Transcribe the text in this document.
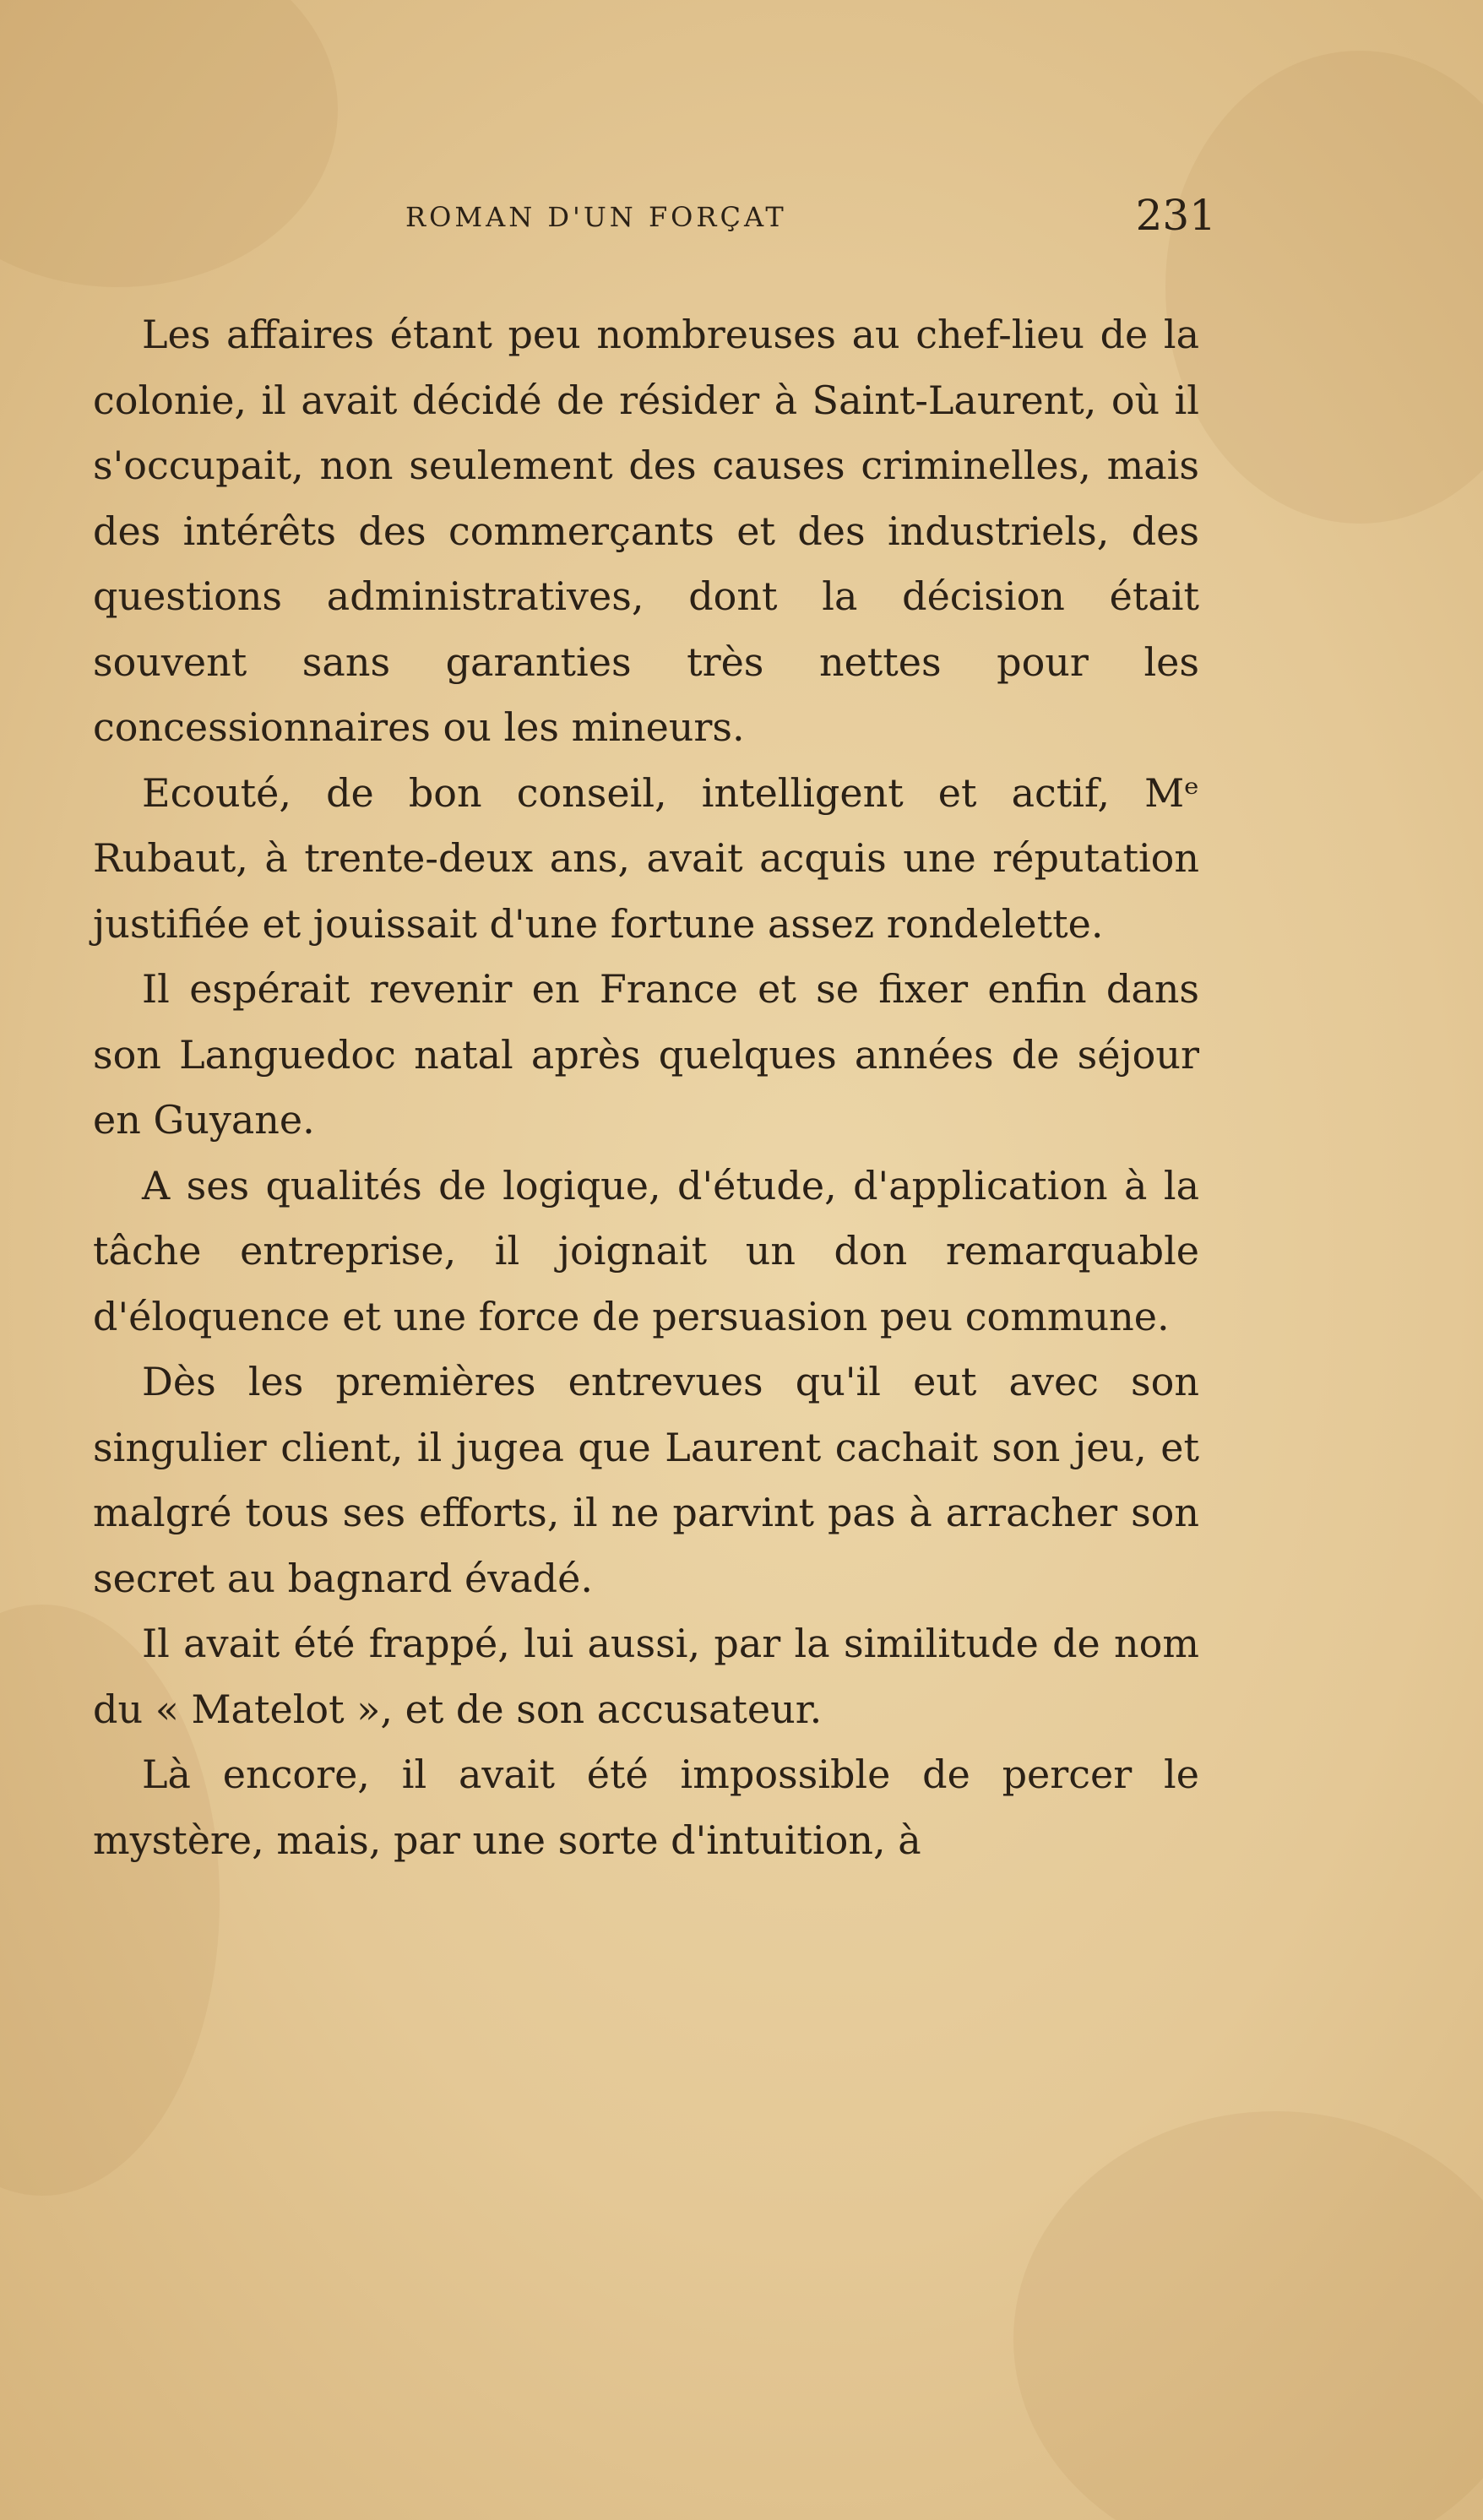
ROMAN D'UN FORÇAT	231

Les affaires étant peu nombreuses au chef-lieu de la colonie, il avait décidé de résider à Saint-Laurent, où il s'occupait, non seulement des causes criminelles, mais des intérêts des commerçants et des industriels, des questions administratives, dont la décision était souvent sans garanties très nettes pour les concessionnaires ou les mineurs.

Ecouté, de bon conseil, intelligent et actif, Mᵉ Rubaut, à trente-deux ans, avait acquis une réputation justifiée et jouissait d'une fortune assez rondelette.

Il espérait revenir en France et se fixer enfin dans son Languedoc natal après quelques années de séjour en Guyane.

A ses qualités de logique, d'étude, d'application à la tâche entreprise, il joignait un don remarquable d'éloquence et une force de persuasion peu commune.

Dès les premières entrevues qu'il eut avec son singulier client, il jugea que Laurent cachait son jeu, et malgré tous ses efforts, il ne parvint pas à arracher son secret au bagnard évadé.

Il avait été frappé, lui aussi, par la similitude de nom du « Matelot », et de son accusateur.

Là encore, il avait été impossible de percer le mystère, mais, par une sorte d'intuition, à
